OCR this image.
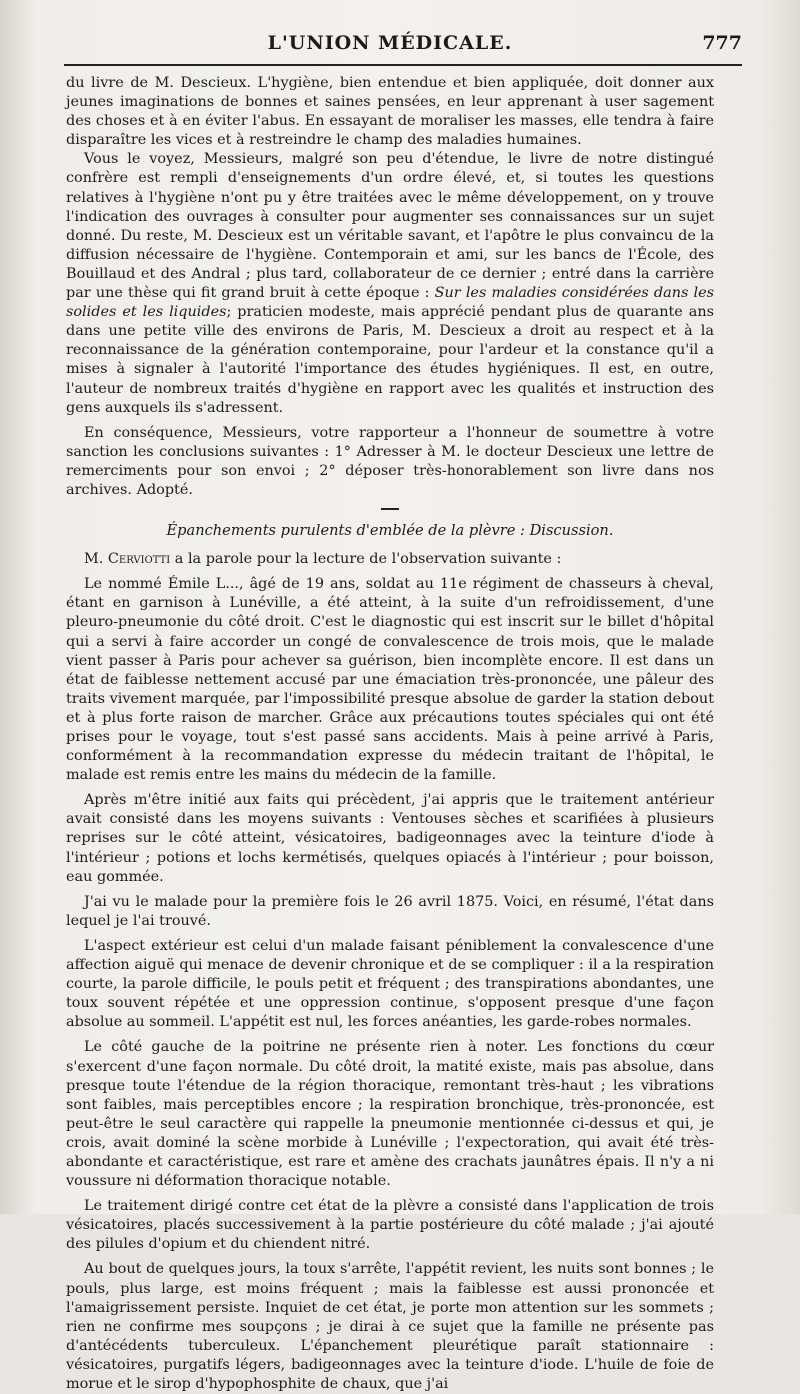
L'UNION MÉDICALE.	777

du livre de M. Descieux. L'hygiène, bien entendue et bien appliquée, doit donner aux jeunes imaginations de bonnes et saines pensées, en leur apprenant à user sagement des choses et à en éviter l'abus. En essayant de moraliser les masses, elle tendra à faire disparaître les vices et à restreindre le champ des maladies humaines.

Vous le voyez, Messieurs, malgré son peu d'étendue, le livre de notre distingué confrère est rempli d'enseignements d'un ordre élevé, et, si toutes les questions relatives à l'hygiène n'ont pu y être traitées avec le même développement, on y trouve l'indication des ouvrages à consulter pour augmenter ses connaissances sur un sujet donné. Du reste, M. Descieux est un véritable savant, et l'apôtre le plus convaincu de la diffusion nécessaire de l'hygiène. Contemporain et ami, sur les bancs de l'École, des Bouillaud et des Andral ; plus tard, collaborateur de ce dernier ; entré dans la carrière par une thèse qui fit grand bruit à cette époque : Sur les maladies considérées dans les solides et les liquides; praticien modeste, mais apprécié pendant plus de quarante ans dans une petite ville des environs de Paris, M. Descieux a droit au respect et à la reconnaissance de la génération contemporaine, pour l'ardeur et la constance qu'il a mises à signaler à l'autorité l'importance des études hygiéniques. Il est, en outre, l'auteur de nombreux traités d'hygiène en rapport avec les qualités et instruction des gens auxquels ils s'adressent.

En conséquence, Messieurs, votre rapporteur a l'honneur de soumettre à votre sanction les conclusions suivantes : 1° Adresser à M. le docteur Descieux une lettre de remerciments pour son envoi ; 2° déposer très-honorablement son livre dans nos archives. Adopté.

Épanchements purulents d'emblée de la plèvre : Discussion.

M. Cerviotti a la parole pour la lecture de l'observation suivante :

Le nommé Émile L..., âgé de 19 ans, soldat au 11e régiment de chasseurs à cheval, étant en garnison à Lunéville, a été atteint, à la suite d'un refroidissement, d'une pleuro-pneumonie du côté droit. C'est le diagnostic qui est inscrit sur le billet d'hôpital qui a servi à faire accorder un congé de convalescence de trois mois, que le malade vient passer à Paris pour achever sa guérison, bien incomplète encore. Il est dans un état de faiblesse nettement accusé par une émaciation très-prononcée, une pâleur des traits vivement marquée, par l'impossibilité presque absolue de garder la station debout et à plus forte raison de marcher. Grâce aux précautions toutes spéciales qui ont été prises pour le voyage, tout s'est passé sans accidents. Mais à peine arrivé à Paris, conformément à la recommandation expresse du médecin traitant de l'hôpital, le malade est remis entre les mains du médecin de la famille.

Après m'être initié aux faits qui précèdent, j'ai appris que le traitement antérieur avait consisté dans les moyens suivants : Ventouses sèches et scarifiées à plusieurs reprises sur le côté atteint, vésicatoires, badigeonnages avec la teinture d'iode à l'intérieur ; potions et lochs kermétisés, quelques opiacés à l'intérieur ; pour boisson, eau gommée.

J'ai vu le malade pour la première fois le 26 avril 1875. Voici, en résumé, l'état dans lequel je l'ai trouvé.

L'aspect extérieur est celui d'un malade faisant péniblement la convalescence d'une affection aiguë qui menace de devenir chronique et de se compliquer : il a la respiration courte, la parole difficile, le pouls petit et fréquent ; des transpirations abondantes, une toux souvent répétée et une oppression continue, s'opposent presque d'une façon absolue au sommeil. L'appétit est nul, les forces anéanties, les garde-robes normales.

Le côté gauche de la poitrine ne présente rien à noter. Les fonctions du cœur s'exercent d'une façon normale. Du côté droit, la matité existe, mais pas absolue, dans presque toute l'étendue de la région thoracique, remontant très-haut ; les vibrations sont faibles, mais perceptibles encore ; la respiration bronchique, très-prononcée, est peut-être le seul caractère qui rappelle la pneumonie mentionnée ci-dessus et qui, je crois, avait dominé la scène morbide à Lunéville ; l'expectoration, qui avait été très-abondante et caractéristique, est rare et amène des crachats jaunâtres épais. Il n'y a ni voussure ni déformation thoracique notable.

Le traitement dirigé contre cet état de la plèvre a consisté dans l'application de trois vésicatoires, placés successivement à la partie postérieure du côté malade ; j'ai ajouté des pilules d'opium et du chiendent nitré.

Au bout de quelques jours, la toux s'arrête, l'appétit revient, les nuits sont bonnes ; le pouls, plus large, est moins fréquent ; mais la faiblesse est aussi prononcée et l'amaigrissement persiste. Inquiet de cet état, je porte mon attention sur les sommets ; rien ne confirme mes soupçons ; je dirai à ce sujet que la famille ne présente pas d'antécédents tuberculeux. L'épanchement pleurétique paraît stationnaire : vésicatoires, purgatifs légers, badigeonnages avec la teinture d'iode. L'huile de foie de morue et le sirop d'hypophosphite de chaux, que j'ai
